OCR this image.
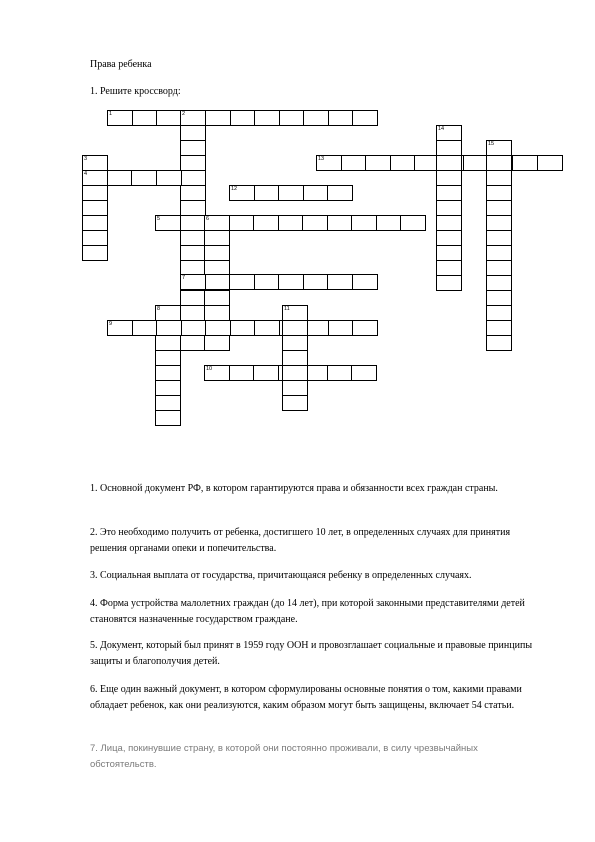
Права ребенка
1. Решите кроссворд:
1	2
3
4
5	6
7
8
9
10
11
12
13
14
15
1. Основной документ РФ, в котором гарантируются права и обязанности всех граждан страны.
2. Это необходимо получить от ребенка, достигшего 10 лет, в определенных случаях для принятия решения органами опеки и попечительства.
3. Социальная выплата от государства, причитающаяся ребенку в определенных случаях.
4. Форма устройства малолетних граждан (до 14 лет), при которой законными представителями детей становятся назначенные государством граждане.
5. Документ, который был принят в 1959 году ООН и провозглашает социальные и правовые принципы защиты и благополучия детей.
6. Еще один важный документ, в котором сформулированы основные понятия о том, какими правами обладает ребенок, как они реализуются, каким образом могут быть защищены, включает 54 статьи.
7. Лица, покинувшие страну, в которой они постоянно проживали, в силу чрезвычайных обстоятельств.
